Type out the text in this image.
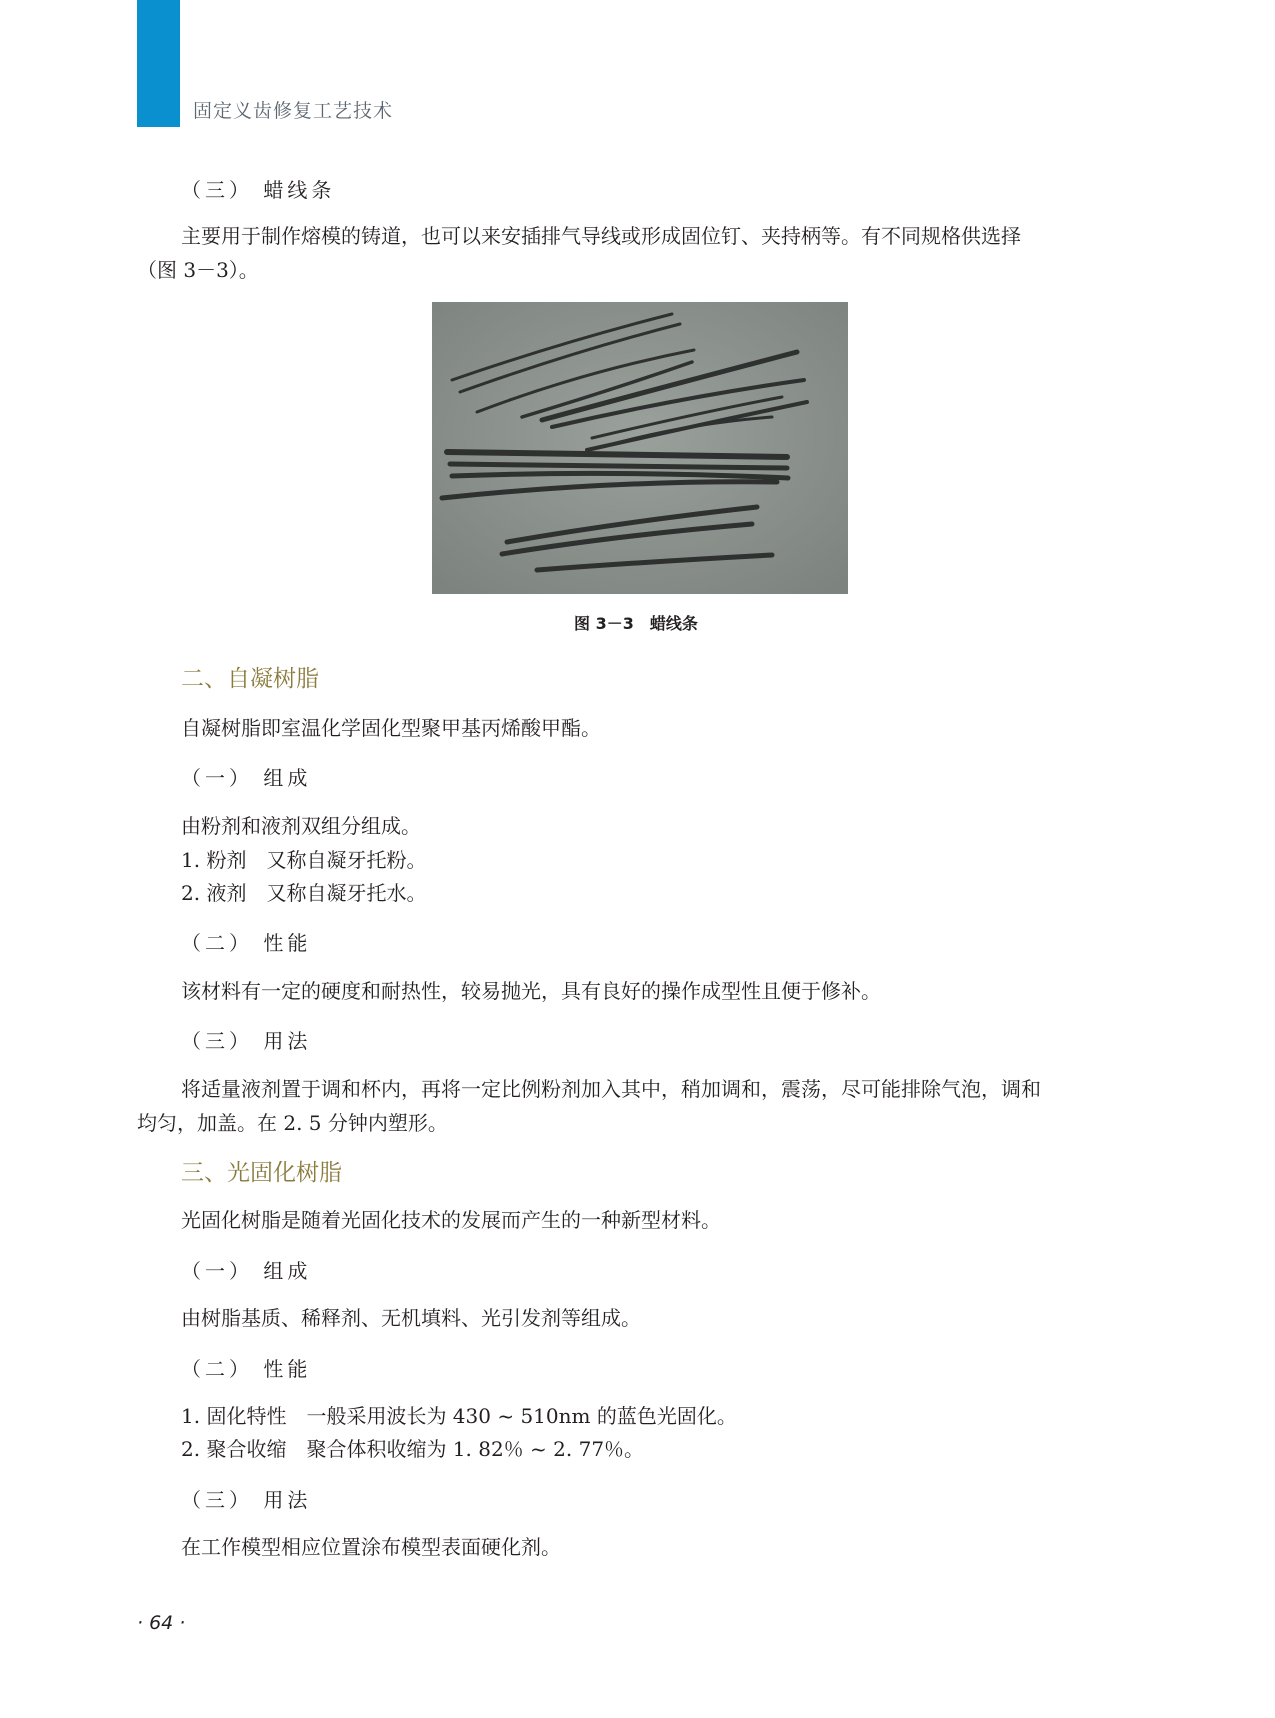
固定义齿修复工艺技术
（三） 蜡线条
主要用于制作熔模的铸道，也可以来安插排气导线或形成固位钉、夹持柄等。有不同规格供选择
（图 3－3）。
图 3－3　蜡线条
二、自凝树脂
自凝树脂即室温化学固化型聚甲基丙烯酸甲酯。
（一） 组成
由粉剂和液剂双组分组成。
1. 粉剂　又称自凝牙托粉。
2. 液剂　又称自凝牙托水。
（二） 性能
该材料有一定的硬度和耐热性，较易抛光，具有良好的操作成型性且便于修补。
（三） 用法
将适量液剂置于调和杯内，再将一定比例粉剂加入其中，稍加调和，震荡，尽可能排除气泡，调和
均匀，加盖。在 2. 5 分钟内塑形。
三、光固化树脂
光固化树脂是随着光固化技术的发展而产生的一种新型材料。
（一） 组成
由树脂基质、稀释剂、无机填料、光引发剂等组成。
（二） 性能
1. 固化特性　一般采用波长为 430 ~ 510nm 的蓝色光固化。
2. 聚合收缩　聚合体积收缩为 1. 82％ ~ 2. 77％。
（三） 用法
在工作模型相应位置涂布模型表面硬化剂。
· 64 ·
